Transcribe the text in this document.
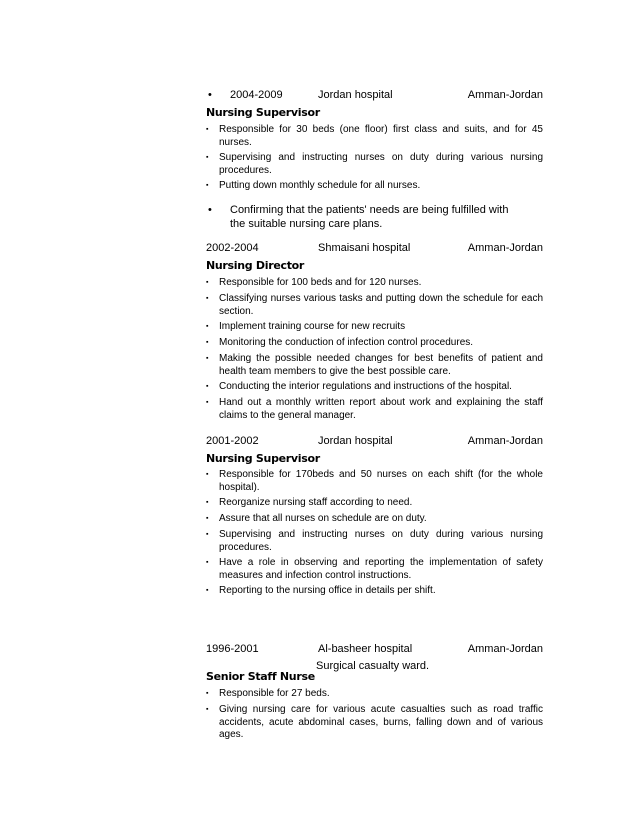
• 2004-2009	Jordan hospital	Amman-Jordan
Nursing Supervisor
▪	Responsible for 30 beds (one floor) first class and suits, and for 45 nurses.
▪	Supervising and instructing nurses on duty during various nursing procedures.
▪	Putting down monthly schedule for all nurses.
• Confirming that the patients' needs are being fulfilled with the suitable nursing care plans.
2002-2004	Shmaisani hospital	Amman-Jordan
Nursing Director
▪	Responsible for 100 beds and for 120 nurses.
▪	Classifying nurses various tasks and putting down the schedule for each section.
▪	Implement training course for new recruits
▪	Monitoring the conduction of infection control procedures.
▪	Making the possible needed changes for best benefits of patient and health team members to give the best possible care.
▪	Conducting the interior regulations and instructions of the hospital.
▪	Hand out a monthly written report about work and explaining the staff claims to the general manager.
2001-2002	Jordan hospital	Amman-Jordan
Nursing Supervisor
▪	Responsible for 170beds and 50 nurses on each shift (for the whole hospital).
▪	Reorganize nursing staff according to need.
▪	Assure that all nurses on schedule are on duty.
▪	Supervising and instructing nurses on duty during various nursing procedures.
▪	Have a role in observing and reporting the implementation of safety measures and infection control instructions.
▪	Reporting to the nursing office in details per shift.
1996-2001	Al-basheer hospital	Amman-Jordan
Surgical casualty ward.
Senior Staff Nurse
▪	Responsible for 27 beds.
▪	Giving nursing care for various acute casualties such as road traffic accidents, acute abdominal cases, burns, falling down and of various ages.
